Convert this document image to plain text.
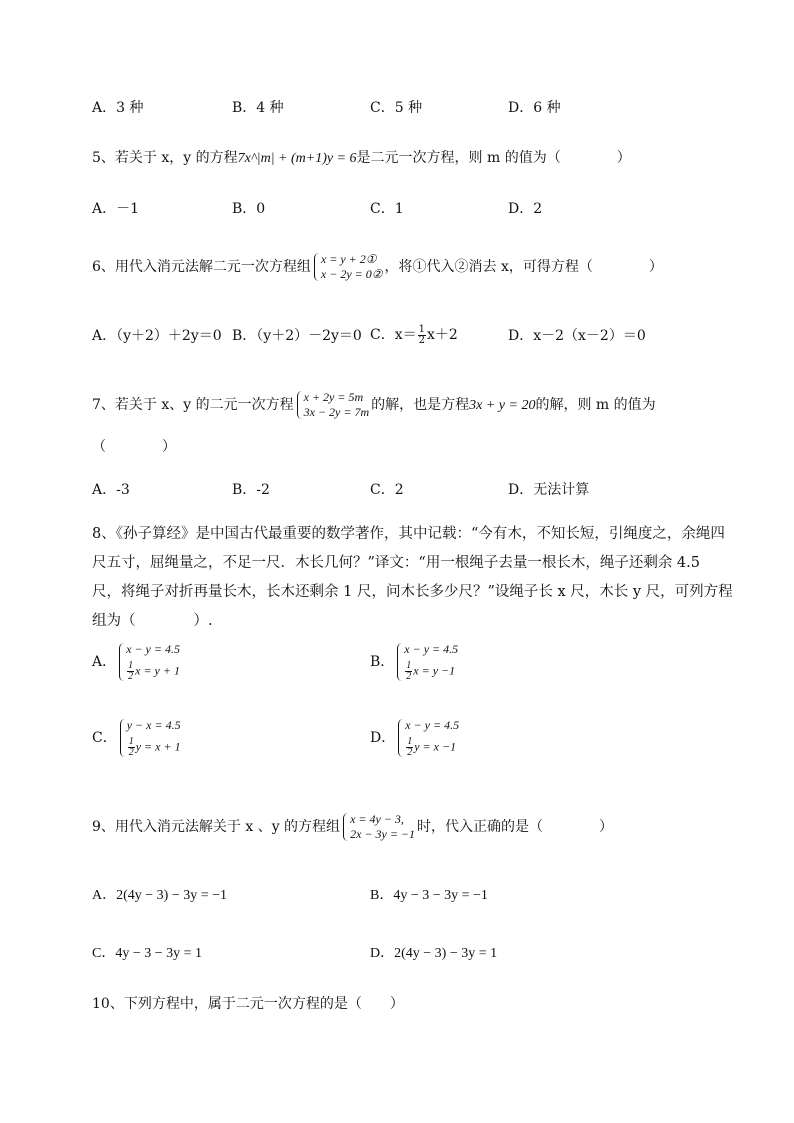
A．3 种	B．4 种	C．5 种	D．6 种
5、若关于 x，y 的方程7x^|m| + (m+1)y = 6是二元一次方程，则 m 的值为（　　　　）
A．－1	B．0	C．1	D．2
6、用代入消元法解二元一次方程组 x = y + 2①
x − 2y = 0② ，将①代入②消去 x，可得方程（　　　　）
A．（y＋2）＋2y＝0 B．（y＋2）－2y＝0 C．$x= \frac{1}{2} x+2$	D．x－2（x－2）＝0
7、若关于 x、y 的二元一次方程 x + 2y = 5m
3x − 2y = 7m 的解，也是方程3x + y = 20的解，则 m 的值为
（　　　　）
A．-3	B．-2	C．2	D．无法计算
8、《孙子算经》是中国古代最重要的数学著作，其中记载：“今有木，不知长短，引绳度之，余绳四
尺五寸，屈绳量之，不足一尺．木长几何？”译文：“用一根绳子去量一根长木，绳子还剩余 4.5
尺，将绳子对折再量长木，长木还剩余 1 尺，问木长多少尺？”设绳子长 x 尺，木长 y 尺，可列方程
组为（　　　　）.
A．
x − y = 4.5
$\frac{1}{2}$ x = y + 1
B．
x − y = 4.5
$\frac{1}{2}$ x = y −1
C．
y − x = 4.5
$\frac{1}{2}$ y = x + 1
D．
x − y = 4.5
$\frac{1}{2}$ y = x −1
9、用代入消元法解关于 x 、y 的方程组 x = 4y − 3,
2x − 3y = −1 时，代入正确的是（　　　　）
A．2(4y − 3) − 3y = −1	B．4y − 3 − 3y = −1
C．4y − 3 − 3y = 1	D．2(4y − 3) − 3y = 1
10、下列方程中，属于二元一次方程的是（　　）
